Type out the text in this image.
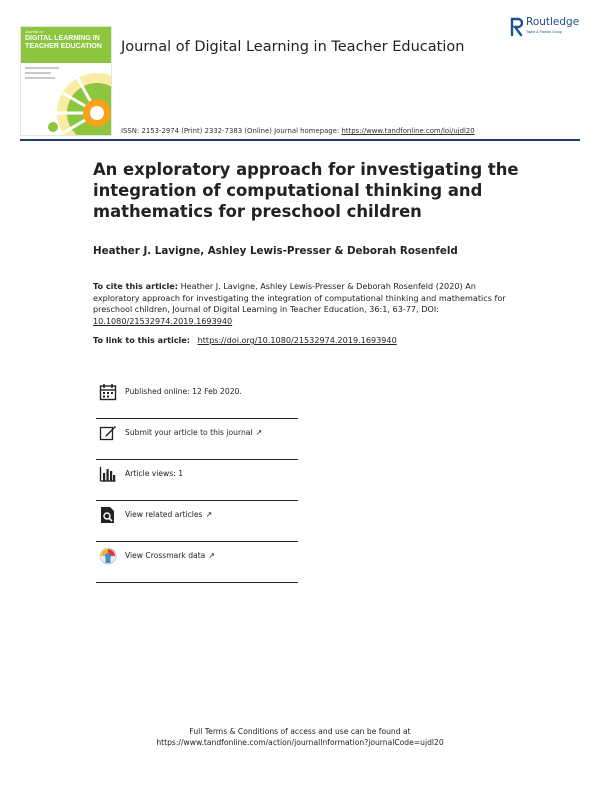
Journal of
DIGITAL LEARNING IN TEACHER EDUCATION	Journal of Digital Learning in Teacher Education
Routledge
Taylor & Francis Group
ISSN: 2153-2974 (Print) 2332-7383 (Online) Journal homepage: https://www.tandfonline.com/loi/ujdl20
An exploratory approach for investigating the integration of computational thinking and mathematics for preschool children
Heather J. Lavigne, Ashley Lewis-Presser & Deborah Rosenfeld
To cite this article: Heather J. Lavigne, Ashley Lewis-Presser & Deborah Rosenfeld (2020) An exploratory approach for investigating the integration of computational thinking and mathematics for preschool children, Journal of Digital Learning in Teacher Education, 36:1, 63-77, DOI: 10.1080/21532974.2019.1693940
To link to this article: https://doi.org/10.1080/21532974.2019.1693940
Published online: 12 Feb 2020.
Submit your article to this journal ↗
Article views: 1
View related articles ↗
View Crossmark data ↗
Full Terms & Conditions of access and use can be found at
https://www.tandfonline.com/action/journalInformation?journalCode=ujdl20
